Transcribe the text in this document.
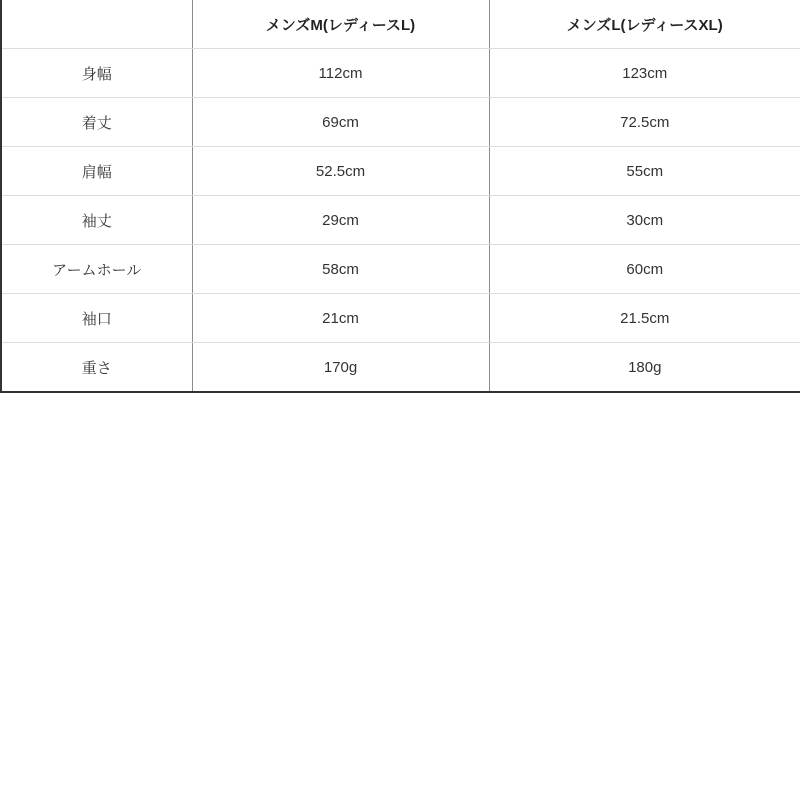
	メンズM(レディースL)	メンズL(レディースXL)
身幅	112cm	123cm
着丈	69cm	72.5cm
肩幅	52.5cm	55cm
袖丈	29cm	30cm
アームホール	58cm	60cm
袖口	21cm	21.5cm
重さ	170g	180g
